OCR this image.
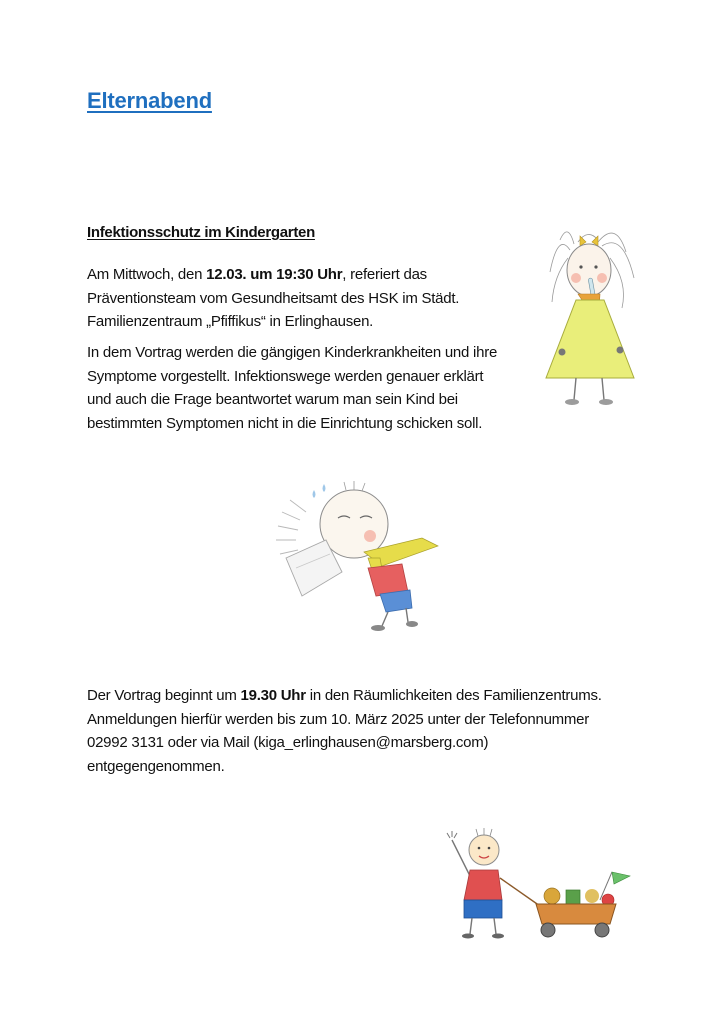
Elternabend
Infektionsschutz im Kindergarten

Am Mittwoch, den 12.03. um 19:30 Uhr, referiert das
Präventionsteam vom Gesundheitsamt des HSK im Städt.
Familienzentraum „Pfiffikus“ in Erlinghausen.

In dem Vortrag werden die gängigen Kinderkrankheiten und ihre
Symptome vorgestellt. Infektionswege werden genauer erklärt
und auch die Frage beantwortet warum man sein Kind bei
bestimmten Symptomen nicht in die Einrichtung schicken soll.

Der Vortrag beginnt um 19.30 Uhr in den Räumlichkeiten des Familienzentrums.
Anmeldungen hierfür werden bis zum 10. März 2025 unter der Telefonnummer
02992 3131 oder via Mail (kiga_erlinghausen@marsberg.com)
entgegengenommen.
